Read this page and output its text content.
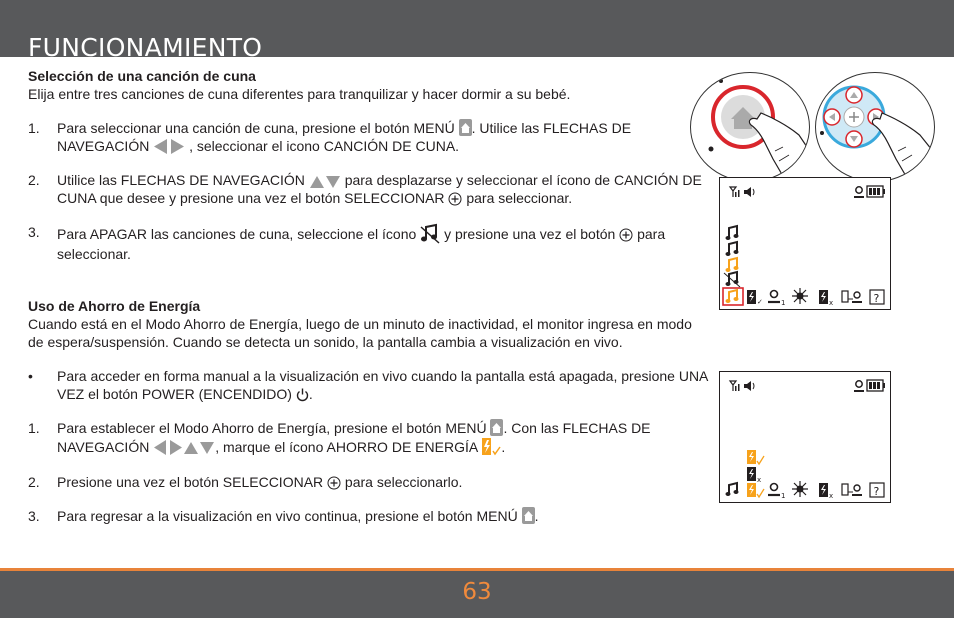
FUNCIONAMIENTO
Selección de una canción de cuna
Elija entre tres canciones de cuna diferentes para tranquilizar y hacer dormir a su bebé.
1. Para seleccionar una canción de cuna, presione el botón MENÚ . Utilice las FLECHAS DE NAVEGACIÓN	, seleccionar el icono CANCIÓN DE CUNA.
2. Utilice las FLECHAS DE NAVEGACIÓN	para desplazarse y seleccionar el ícono de CANCIÓN DE CUNA que desee y presione una vez el botón SELECCIONAR para seleccionar.
3. Para APAGAR las canciones de cuna, seleccione el ícono y presione una vez el botón para seleccionar.
Uso de Ahorro de Energía
Cuando está en el Modo Ahorro de Energía, luego de un minuto de inactividad, el monitor ingresa en modo de espera/suspensión. Cuando se detecta un sonido, la pantalla cambia a visualización en vivo.
• Para acceder en forma manual a la visualización en vivo cuando la pantalla está apagada, presione UNA VEZ el botón POWER (ENCENDIDO) .
1. Para establecer el Modo Ahorro de Energía, presione el botón MENÚ . Con las FLECHAS DE NAVEGACIÓN	, marque el ícono AHORRO DE ENERGÍA .
2. Presione una vez el botón SELECCIONAR para seleccionarlo.
3. Para regresar a la visualización en vivo continua, presione el botón MENÚ .
✓	1	x	?
x
1	x	?
63
